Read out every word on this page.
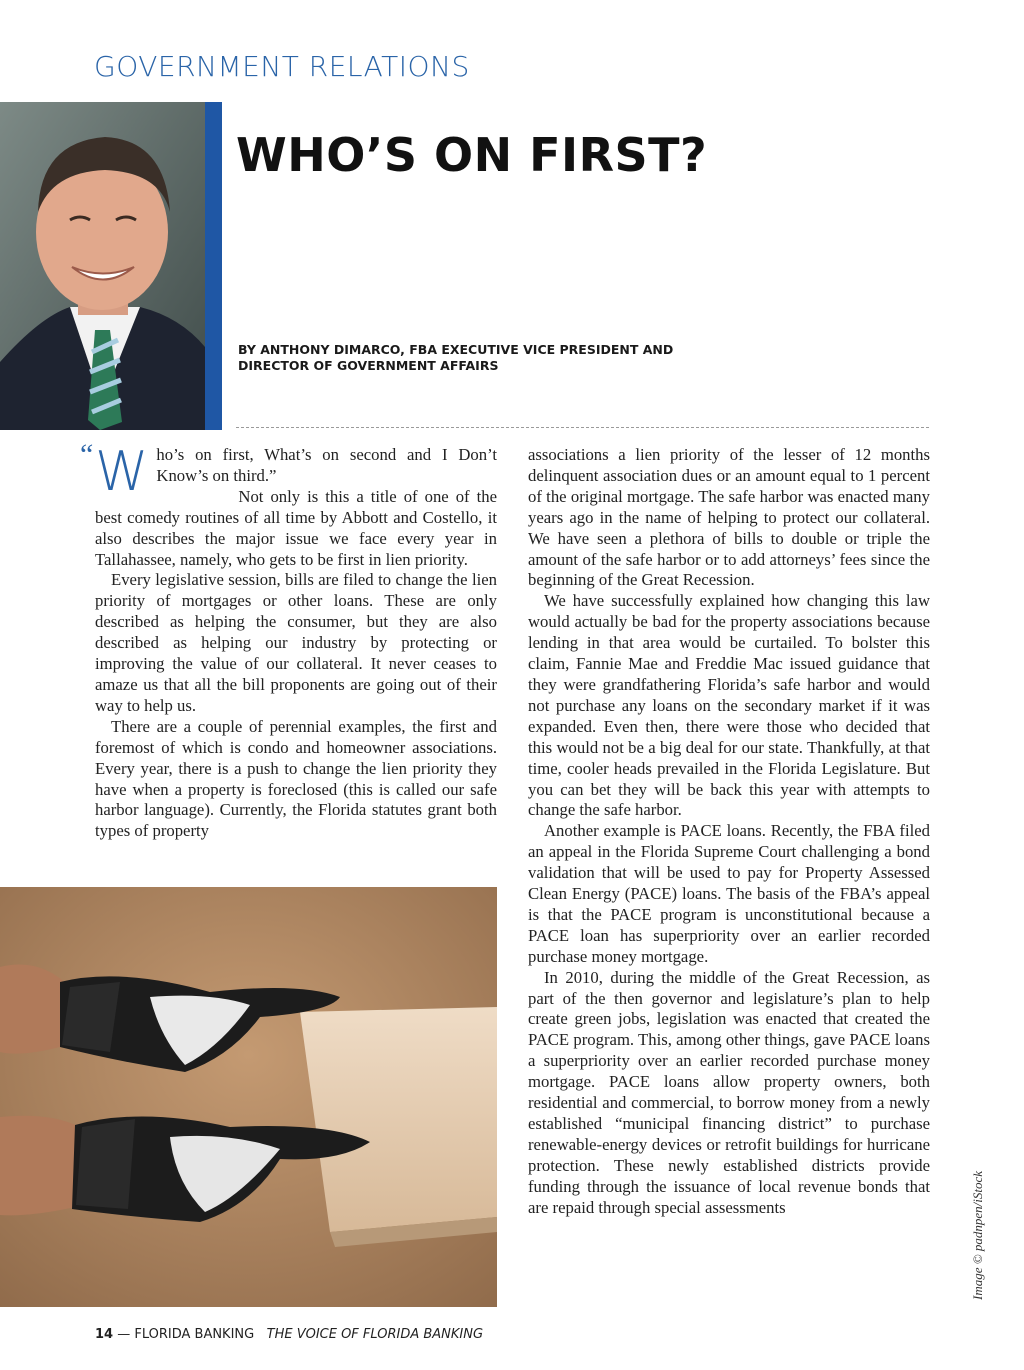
GOVERNMENT RELATIONS
WHO’S ON FIRST?
BY ANTHONY DIMARCO, FBA EXECUTIVE VICE PRESIDENT AND DIRECTOR OF GOVERNMENT AFFAIRS
“ Who’s on first, What’s on second and I Don’t Know’s on third.”

Not only is this a title of one of the best comedy routines of all time by Abbott and Costello, it also describes the major issue we face every year in Tallahassee, namely, who gets to be first in lien priority.

Every legislative session, bills are filed to change the lien priority of mortgages or other loans. These are only described as helping the consumer, but they are also described as helping our industry by protecting or improving the value of our collateral. It never ceases to amaze us that all the bill proponents are going out of their way to help us.

There are a couple of perennial examples, the first and foremost of which is condo and homeowner associations. Every year, there is a push to change the lien priority they have when a property is foreclosed (this is called our safe harbor language). Currently, the Florida statutes grant both types of property

associations a lien priority of the lesser of 12 months delinquent association dues or an amount equal to 1 percent of the original mortgage. The safe harbor was enacted many years ago in the name of helping to protect our collateral. We have seen a plethora of bills to double or triple the amount of the safe harbor or to add attorneys’ fees since the beginning of the Great Recession.

We have successfully explained how changing this law would actually be bad for the property associations because lending in that area would be curtailed. To bolster this claim, Fannie Mae and Freddie Mac issued guidance that they were grandfathering Florida’s safe harbor and would not purchase any loans on the secondary market if it was expanded. Even then, there were those who decided that this would not be a big deal for our state. Thankfully, at that time, cooler heads prevailed in the Florida Legislature. But you can bet they will be back this year with attempts to change the safe harbor.

Another example is PACE loans. Recently, the FBA filed an appeal in the Florida Supreme Court challenging a bond validation that will be used to pay for Property Assessed Clean Energy (PACE) loans. The basis of the FBA’s appeal is that the PACE program is unconstitutional because a PACE loan has superpriority over an earlier recorded purchase money mortgage.

In 2010, during the middle of the Great Recession, as part of the then governor and legislature’s plan to help create green jobs, legislation was enacted that created the PACE program. This, among other things, gave PACE loans a superpriority over an earlier recorded purchase money mortgage. PACE loans allow property owners, both residential and commercial, to borrow money from a newly established “municipal financing district” to purchase renewable-energy devices or retrofit buildings for hurricane protection. These newly established districts provide funding through the issuance of local revenue bonds that are repaid through special assessments	Image © padnpen/iStock
14 — FLORIDA BANKING THE VOICE OF FLORIDA BANKING
